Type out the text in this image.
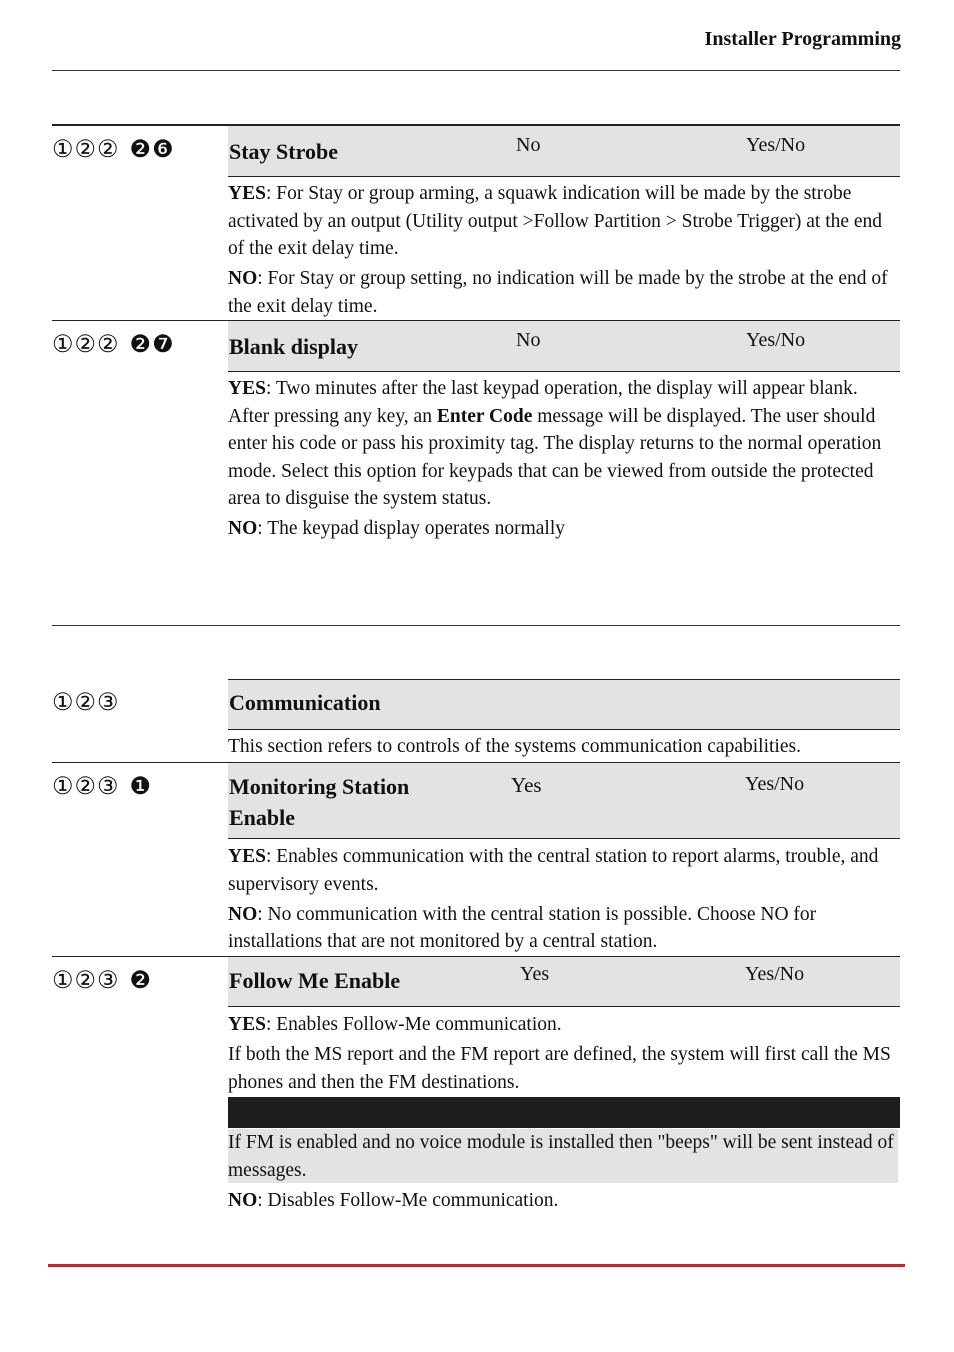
Installer Programming
①②② ❷❻ Stay Strobe	No	Yes/No

YES: For Stay or group arming, a squawk indication will be made by the strobe activated by an output (Utility output >Follow Partition > Strobe Trigger) at the end of the exit delay time.

NO: For Stay or group setting, no indication will be made by the strobe at the end of the exit delay time.

①②② ❷❼ Blank display	No	Yes/No

YES: Two minutes after the last keypad operation, the display will appear blank. After pressing any key, an Enter Code message will be displayed. The user should enter his code or pass his proximity tag. The display returns to the normal operation mode. Select this option for keypads that can be viewed from outside the protected area to disguise the system status.

NO: The keypad display operates normally

①②③	Communication

This section refers to controls of the systems communication capabilities.

①②③ ❶	Monitoring Station
Enable
Yes	Yes/No

YES: Enables communication with the central station to report alarms, trouble, and supervisory events.

NO: No communication with the central station is possible. Choose NO for installations that are not monitored by a central station.

①②③ ❷	Follow Me Enable	Yes	Yes/No

YES: Enables Follow-Me communication.

If both the MS report and the FM report are defined, the system will first call the MS phones and then the FM destinations.

If FM is enabled and no voice module is installed then "beeps" will be sent instead of messages.

NO: Disables Follow-Me communication.
